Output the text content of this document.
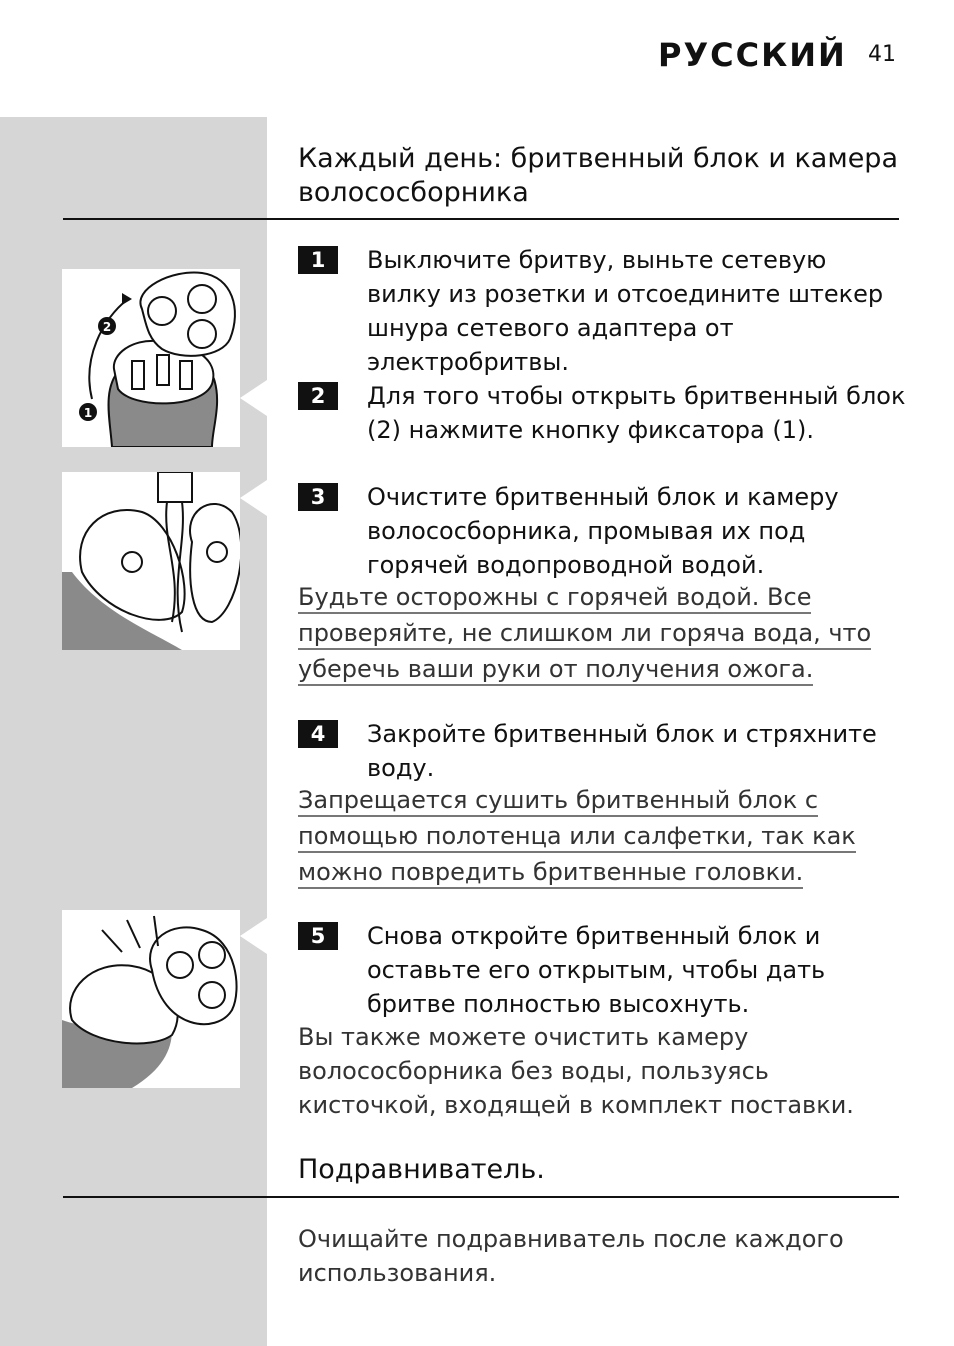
РУССКИЙ 41
Каждый день: бритвенный блок и камера волососборника
2
1
1	Выключите бритву, выньте сетевую вилку из розетки и отсоедините штекер шнура сетевого адаптера от электробритвы.
2	Для того чтобы открыть бритвенный блок (2) нажмите кнопку фиксатора (1).
3	Очистите бритвенный блок и камеру волососборника, промывая их под горячей водопроводной водой.
Будьте осторожны с горячей водой. Все
проверяйте, не слишком ли горяча вода, что
уберечь ваши руки от получения ожога.
4	Закройте бритвенный блок и стряхните воду.
Запрещается сушить бритвенный блок с
помощью полотенца или салфетки, так как
можно повредить бритвенные головки.
5	Снова откройте бритвенный блок и оставьте его открытым, чтобы дать бритве полностью высохнуть.
Вы также можете очистить камеру волососборника без воды, пользуясь кисточкой, входящей в комплект поставки.
Подравниватель.
Очищайте подравниватель после каждого использования.
